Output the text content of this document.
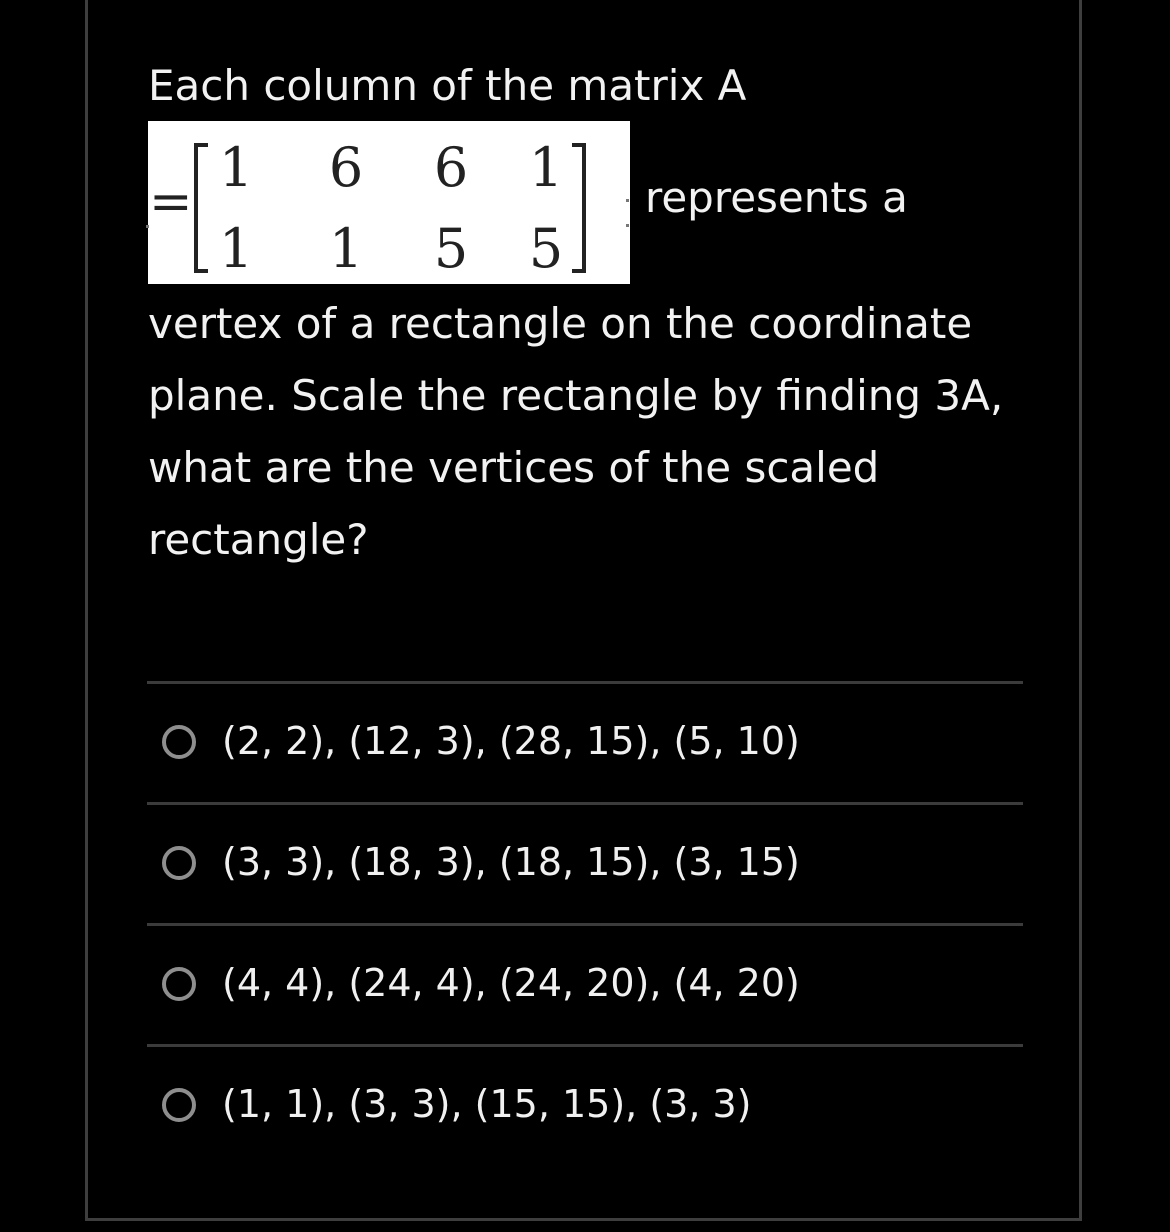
Each column of the matrix A
=
1 6 6 1
1 1 5 5
represents a
vertex of a rectangle on the coordinate plane. Scale the rectangle by finding 3A, what are the vertices of the scaled rectangle?
(2, 2), (12, 3), (28, 15), (5, 10)
(3, 3), (18, 3), (18, 15), (3, 15)
(4, 4), (24, 4), (24, 20), (4, 20)
(1, 1), (3, 3), (15, 15), (3, 3)
